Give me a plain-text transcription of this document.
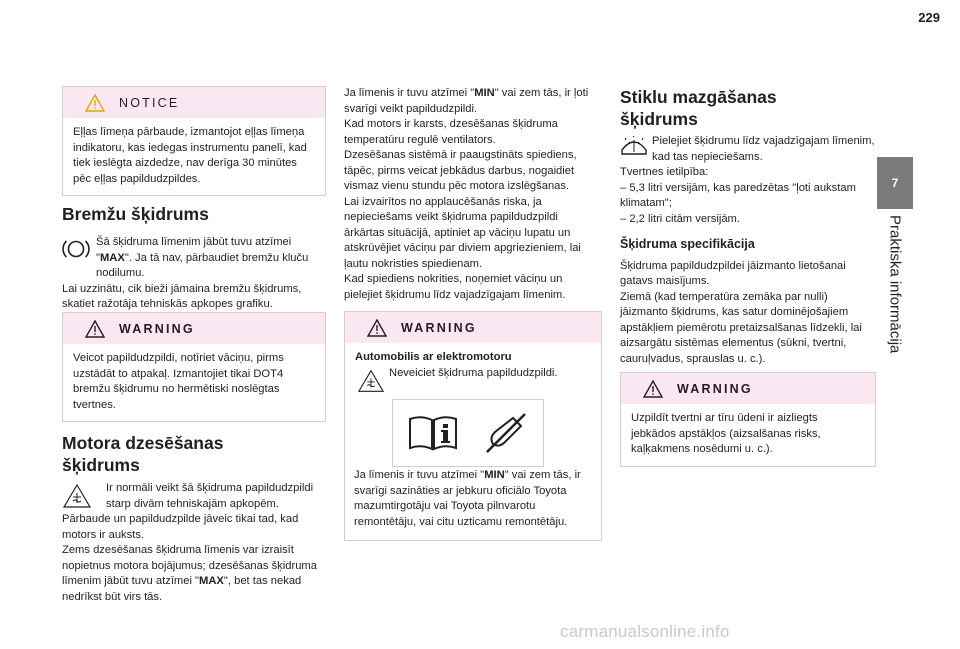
229
7
Praktiska informācija
NOTICE

Eļļas līmeņa pārbaude, izmantojot eļļas līmeņa indikatoru, kas iedegas instrumentu panelī, kad tiek ieslēgta aizdedze, nav derīga 30 minūtes pēc eļļas papildudzpildes.

Bremžu šķidrums
Šā šķidruma līmenim jābūt tuvu atzīmei "MAX". Ja tā nav, pārbaudiet bremžu kluču nodilumu.

Lai uzzinātu, cik bieži jāmaina bremžu šķidrums, skatiet ražotāja tehniskās apkopes grafiku.

WARNING

Veicot papildudzpildi, notīriet vāciņu, pirms uzstādāt to atpakaļ. Izmantojiet tikai DOT4 bremžu šķidrumu no hermētiski noslēgtas tvertnes.

Motora dzesēšanas
šķidrums
Ir normāli veikt šā šķidruma papildudzpildi starp divām tehniskajām apkopēm.

Pārbaude un papildudzpilde jāveic tikai tad, kad motors ir auksts.
Zems dzesēšanas šķidruma līmenis var izraisīt nopietnus motora bojājumus; dzesēšanas šķidruma līmenim jābūt tuvu atzīmei "MAX", bet tas nekad nedrīkst būt virs tās.

Ja līmenis ir tuvu atzīmei "MIN" vai zem tās, ir ļoti svarīgi veikt papildudzpildi.
Kad motors ir karsts, dzesēšanas šķidruma temperatūru regulē ventilators.
Dzesēšanas sistēmā ir paaugstināts spiediens, tāpēc, pirms veicat jebkādus darbus, nogaidiet vismaz vienu stundu pēc motora izslēgšanas.
Lai izvairītos no applaucēšanās riska, ja nepieciešams veikt šķidruma papildudzpildi ārkārtas situācijā, aptiniet ap vāciņu lupatu un atskrūvējiet vāciņu par diviem apgriezieniem, lai ļautu nokristies spiedienam.
Kad spiediens nokrities, noņemiet vāciņu un pielejiet šķidrumu līdz vajadzīgajam līmenim.

WARNING
Automobilis ar elektromotoru
Neveiciet šķidruma papildudzpildi.

Ja līmenis ir tuvu atzīmei "MIN" vai zem tās, ir svarīgi sazināties ar jebkuru oficiālo Toyota mazumtirgotāju vai Toyota pilnvarotu remontētāju, vai citu uzticamu remontētāju.

Stiklu mazgāšanas
šķidrums
Pielejiet šķidrumu līdz vajadzīgajam līmenim, kad tas nepieciešams.

Tvertnes ietilpība:
– 5,3 litri versijām, kas paredzētas "ļoti aukstam klimatam";
– 2,2 litri citām versijām.

Šķidruma specifikācija

Šķidruma papildudzpildei jāizmanto lietošanai gatavs maisījums.
Ziemā (kad temperatūra zemāka par nulli) jāizmanto šķidrums, kas satur dominējošajiem apstākļiem piemērotu pretaizsalšanas līdzekli, lai aizsargātu sistēmas elementus (sūkni, tvertni, cauruļvadus, sprauslas u. c.).

WARNING

Uzpildīt tvertni ar tīru ūdeni ir aizliegts jebkādos apstākļos (aizsalšanas risks, kaļķakmens nosēdumi u. c.).

carmanualsonline.info
